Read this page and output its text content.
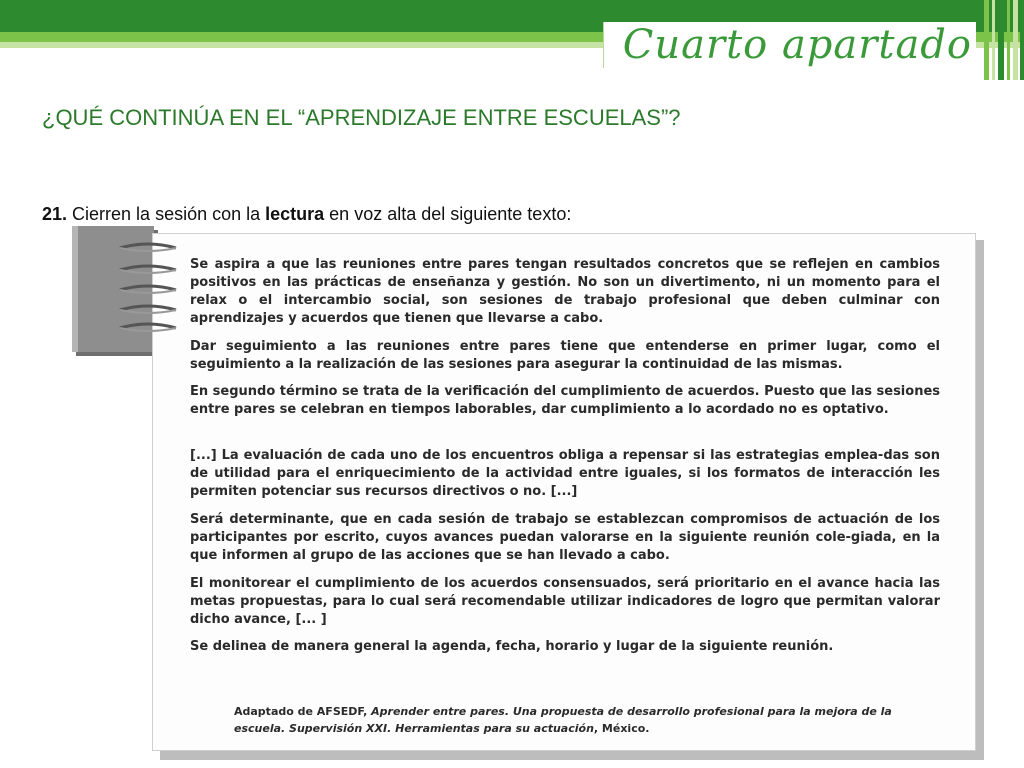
Cuarto apartado
¿QUÉ CONTINÚA EN EL “APRENDIZAJE ENTRE ESCUELAS”?
21. Cierren la sesión con la lectura en voz alta del siguiente texto:

Se aspira a que las reuniones entre pares tengan resultados concretos que se reflejen en cambios positivos en las prácticas de enseñanza y gestión. No son un divertimento, ni un momento para el relax o el intercambio social, son sesiones de trabajo profesional que deben culminar con aprendizajes y acuerdos que tienen que llevarse a cabo.

Dar seguimiento a las reuniones entre pares tiene que entenderse en primer lugar, como el seguimiento a la realización de las sesiones para asegurar la continuidad de las mismas.

En segundo término se trata de la verificación del cumplimiento de acuerdos. Puesto que las sesiones entre pares se celebran en tiempos laborables, dar cumplimiento a lo acordado no es optativo.

[...] La evaluación de cada uno de los encuentros obliga a repensar si las estrategias emplea-das son de utilidad para el enriquecimiento de la actividad entre iguales, si los formatos de interacción les permiten potenciar sus recursos directivos o no. [...]

Será determinante, que en cada sesión de trabajo se establezcan compromisos de actuación de los participantes por escrito, cuyos avances puedan valorarse en la siguiente reunión cole-giada, en la que informen al grupo de las acciones que se han llevado a cabo.

El monitorear el cumplimiento de los acuerdos consensuados, será prioritario en el avance hacia las metas propuestas, para lo cual será recomendable utilizar indicadores de logro que permitan valorar dicho avance, [... ]

Se delinea de manera general la agenda, fecha, horario y lugar de la siguiente reunión.

Adaptado de AFSEDF, Aprender entre pares. Una propuesta de desarrollo profesional para la mejora de la escuela. Supervisión XXI. Herramientas para su actuación, México.
